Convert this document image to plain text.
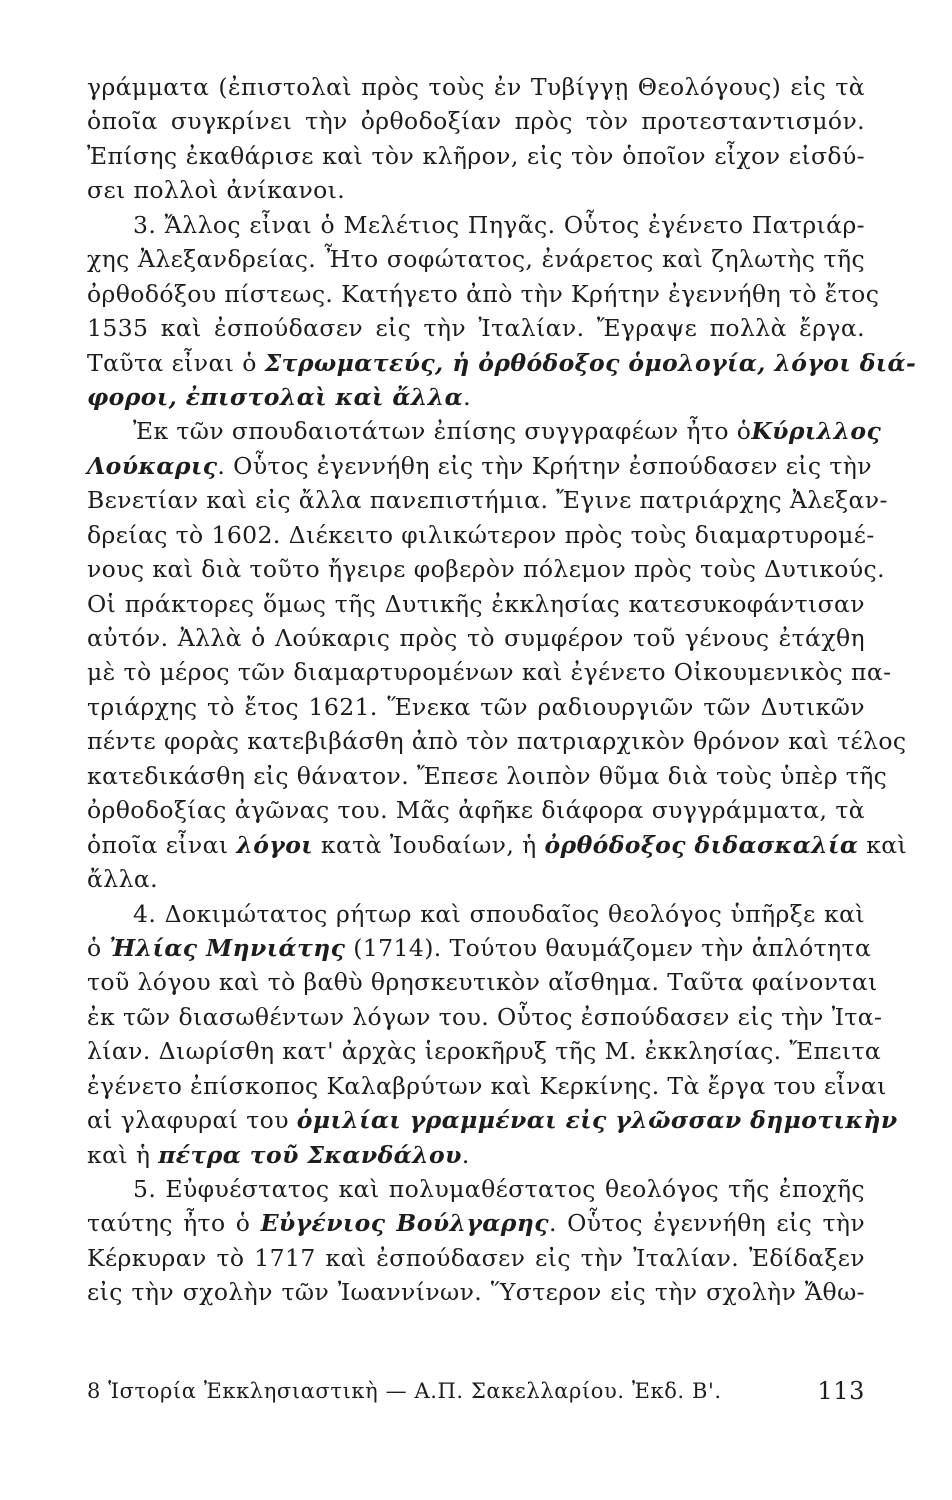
γράμματα (ἐπιστολαὶ πρὸς τοὺς ἐν Τυβίγγῃ Θεολόγους) εἰς τὰ
ὁποῖα συγκρίνει τὴν ὀρθοδοξίαν πρὸς τὸν προτεσταντισμόν.
Ἐπίσης ἐκαθάρισε καὶ τὸν κλῆρον, εἰς τὸν ὁποῖον εἶχον εἰσδύ-
σει πολλοὶ ἀνίκανοι.
3. Ἄλλος εἶναι ὁ Μελέτιος Πηγᾶς. Οὗτος ἐγένετο Πατριάρ-
χης Ἀλεξανδρείας. Ἦτο σοφώτατος, ἐνάρετος καὶ ζηλωτὴς τῆς
ὀρθοδόξου πίστεως. Κατήγετο ἀπὸ τὴν Κρήτην ἐγεννήθη τὸ ἔτος
1535 καὶ ἐσπούδασεν εἰς τὴν Ἰταλίαν. Ἔγραψε πολλὰ ἔργα.
Ταῦτα εἶναι ὁ Στρωματεύς, ἡ ὀρθόδοξος ὁμολογία, λόγοι διά-
φοροι, ἐπιστολαὶ καὶ ἄλλα.
Ἐκ τῶν σπουδαιοτάτων ἐπίσης συγγραφέων ἦτο ὁΚύριλλος
Λούκαρις. Οὗτος ἐγεννήθη εἰς τὴν Κρήτην ἐσπούδασεν εἰς τὴν
Βενετίαν καὶ εἰς ἄλλα πανεπιστήμια. Ἔγινε πατριάρχης Ἀλεξαν-
δρείας τὸ 1602. Διέκειτο φιλικώτερον πρὸς τοὺς διαμαρτυρομέ-
νους καὶ διὰ τοῦτο ἤγειρε φοβερὸν πόλεμον πρὸς τοὺς Δυτικούς.
Οἱ πράκτορες ὅμως τῆς Δυτικῆς ἐκκλησίας κατεσυκοφάντισαν
αὐτόν. Ἀλλὰ ὁ Λούκαρις πρὸς τὸ συμφέρον τοῦ γένους ἐτάχθη
μὲ τὸ μέρος τῶν διαμαρτυρομένων καὶ ἐγένετο Οἰκουμενικὸς πα-
τριάρχης τὸ ἔτος 1621. Ἕνεκα τῶν ραδιουργιῶν τῶν Δυτικῶν
πέντε φορὰς κατεβιβάσθη ἀπὸ τὸν πατριαρχικὸν θρόνον καὶ τέλος
κατεδικάσθη εἰς θάνατον. Ἔπεσε λοιπὸν θῦμα διὰ τοὺς ὑπὲρ τῆς
ὀρθοδοξίας ἀγῶνας του. Μᾶς ἀφῆκε διάφορα συγγράμματα, τὰ
ὁποῖα εἶναι λόγοι κατὰ Ἰουδαίων, ἡ ὀρθόδοξος διδασκαλία καὶ
ἄλλα.
4. Δοκιμώτατος ρήτωρ καὶ σπουδαῖος θεολόγος ὑπῆρξε καὶ
ὁ Ἠλίας Μηνιάτης (1714). Τούτου θαυμάζομεν τὴν ἁπλότητα
τοῦ λόγου καὶ τὸ βαθὺ θρησκευτικὸν αἴσθημα. Ταῦτα φαίνονται
ἐκ τῶν διασωθέντων λόγων του. Οὗτος ἐσπούδασεν εἰς τὴν Ἰτα-
λίαν. Διωρίσθη κατ' ἀρχὰς ἱεροκῆρυξ τῆς Μ. ἐκκλησίας. Ἔπειτα
ἐγένετο ἐπίσκοπος Καλαβρύτων καὶ Κερκίνης. Τὰ ἔργα του εἶναι
αἱ γλαφυραί του ὁμιλίαι γραμμέναι εἰς γλῶσσαν δημοτικὴν
καὶ ἡ πέτρα τοῦ Σκανδάλου.
5. Εὐφυέστατος καὶ πολυμαθέστατος θεολόγος τῆς ἐποχῆς
ταύτης ἦτο ὁ Εὐγένιος Βούλγαρης. Οὗτος ἐγεννήθη εἰς τὴν
Κέρκυραν τὸ 1717 καὶ ἐσπούδασεν εἰς τὴν Ἰταλίαν. Ἐδίδαξεν
εἰς τὴν σχολὴν τῶν Ἰωαννίνων. Ὕστερον εἰς τὴν σχολὴν Ἄθω-
8 Ἱστορία Ἐκκλησιαστικὴ — Α.Π. Σακελλαρίου. Ἐκδ. Β'.	113
